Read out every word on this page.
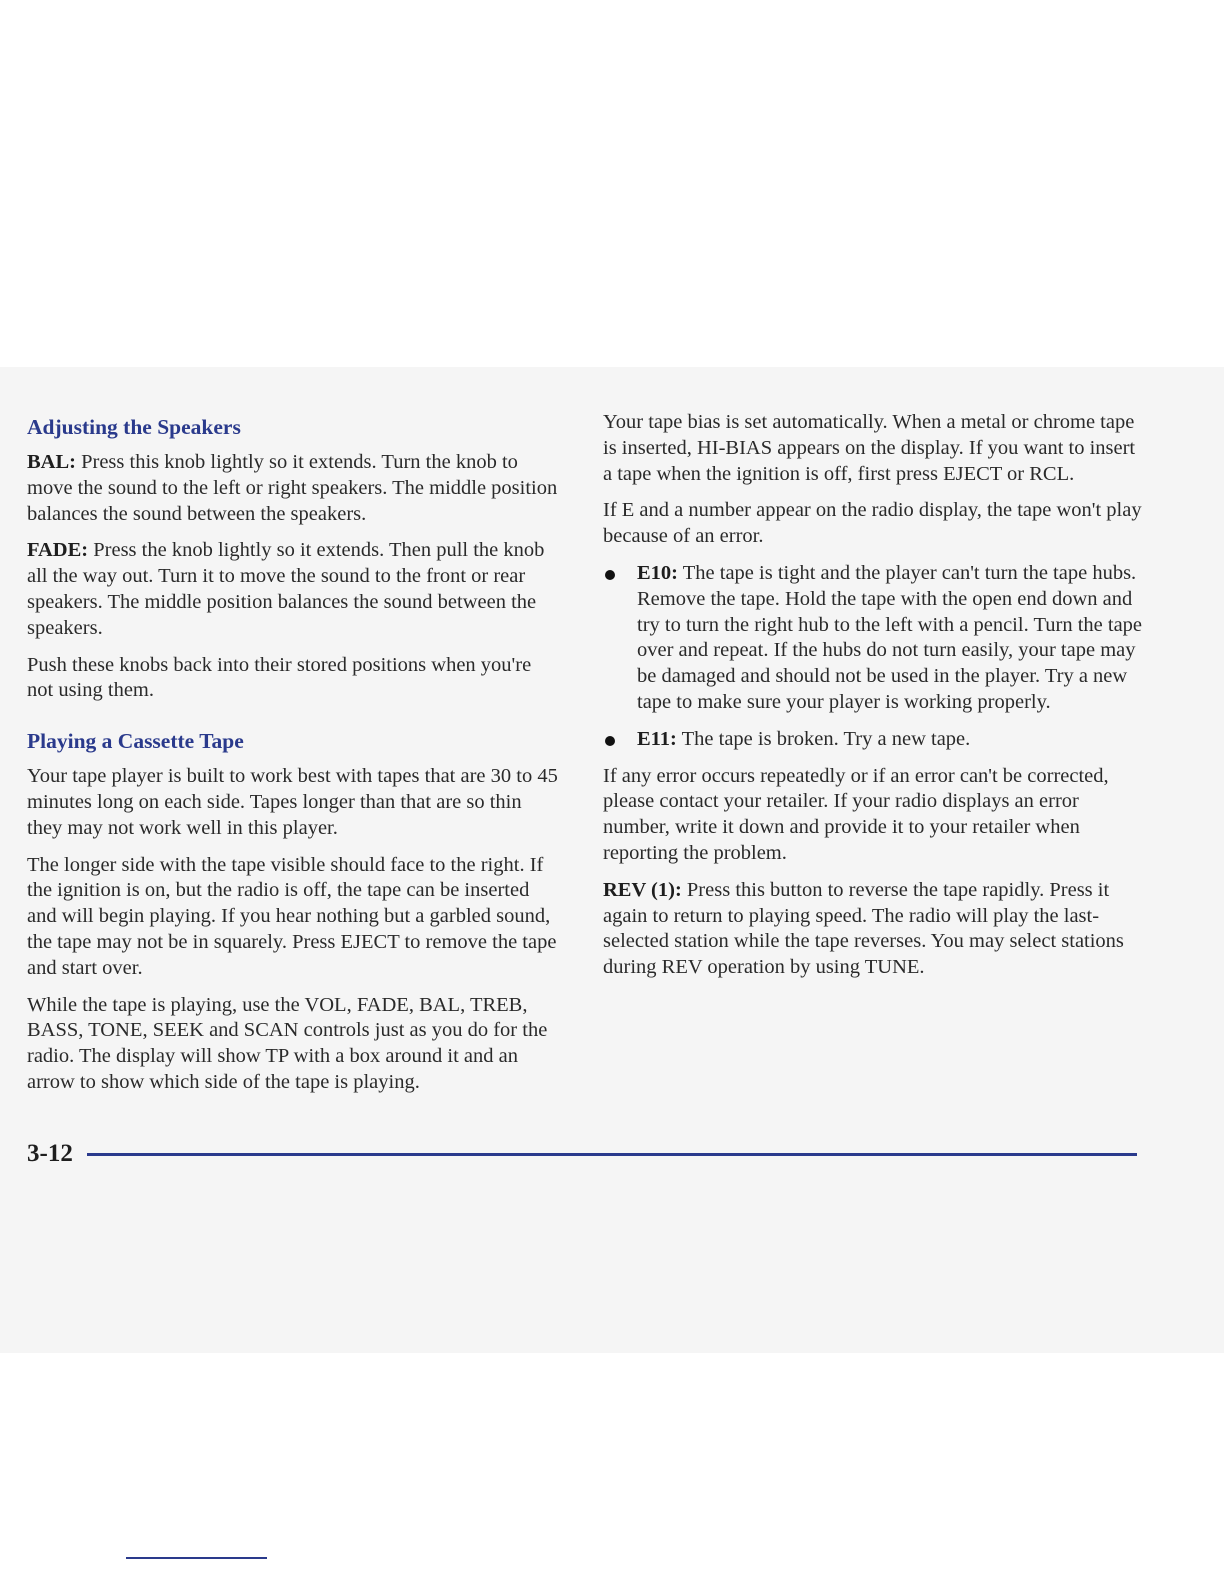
Adjusting the Speakers

BAL: Press this knob lightly so it extends. Turn the knob to move the sound to the left or right speakers. The middle position balances the sound between the speakers.

FADE: Press the knob lightly so it extends. Then pull the knob all the way out. Turn it to move the sound to the front or rear speakers. The middle position balances the sound between the speakers.

Push these knobs back into their stored positions when you're not using them.

Playing a Cassette Tape

Your tape player is built to work best with tapes that are 30 to 45 minutes long on each side. Tapes longer than that are so thin they may not work well in this player.

The longer side with the tape visible should face to the right. If the ignition is on, but the radio is off, the tape can be inserted and will begin playing. If you hear nothing but a garbled sound, the tape may not be in squarely. Press EJECT to remove the tape and start over.

While the tape is playing, use the VOL, FADE, BAL, TREB, BASS, TONE, SEEK and SCAN controls just as you do for the radio. The display will show TP with a box around it and an arrow to show which side of the tape is playing.

Your tape bias is set automatically. When a metal or chrome tape is inserted, HI-BIAS appears on the display. If you want to insert a tape when the ignition is off, first press EJECT or RCL.

If E and a number appear on the radio display, the tape won't play because of an error.

E10: The tape is tight and the player can't turn the tape hubs. Remove the tape. Hold the tape with the open end down and try to turn the right hub to the left with a pencil. Turn the tape over and repeat. If the hubs do not turn easily, your tape may be damaged and should not be used in the player. Try a new tape to make sure your player is working properly.
E11: The tape is broken. Try a new tape.

If any error occurs repeatedly or if an error can't be corrected, please contact your retailer. If your radio displays an error number, write it down and provide it to your retailer when reporting the problem.

REV (1): Press this button to reverse the tape rapidly. Press it again to return to playing speed. The radio will play the last-selected station while the tape reverses. You may select stations during REV operation by using TUNE.

3-12
